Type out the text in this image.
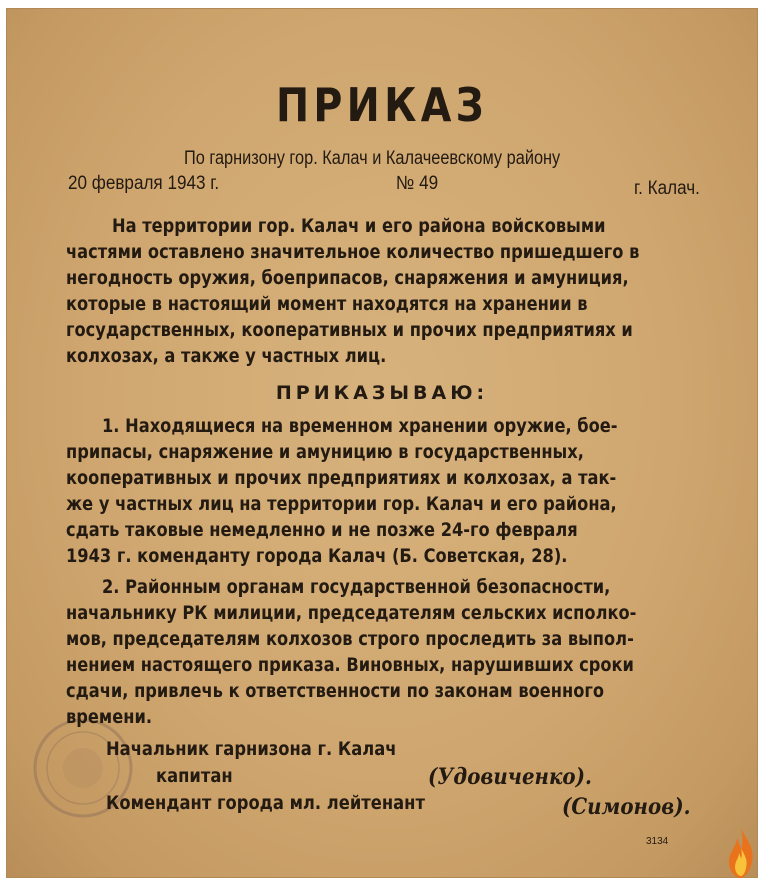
ПРИКАЗ
По гарнизону гор. Калач и Калачеевскому району
20 февраля 1943 г.	№ 49	г. Калач.
На территории гор. Калач и его района войсковыми
частями оставлено значительное количество пришедшего в
негодность оружия, боеприпасов, снаряжения и амуниция,
которые в настоящий момент находятся на хранении в
государственных, кооперативных и прочих предприятиях и
колхозах, а также у частных лиц.
ПРИКАЗЫВАЮ:
1. Находящиеся на временном хранении оружие, бое-
припасы, снаряжение и амуницию в государственных,
кооперативных и прочих предприятиях и колхозах, а так-
же у частных лиц на территории гор. Калач и его района,
сдать таковые немедленно и не позже 24-го февраля
1943 г. коменданту города Калач (Б. Советская, 28).
2. Районным органам государственной безопасности,
начальнику РК милиции, председателям сельских исполко-
мов, председателям колхозов строго проследить за выпол-
нением настоящего приказа. Виновных, нарушивших сроки
сдачи, привлечь к ответственности по законам военного
времени.
Начальник гарнизона г. Калач
капитан	(Удовиченко).
Комендант города мл. лейтенант	(Симонов).
3134
